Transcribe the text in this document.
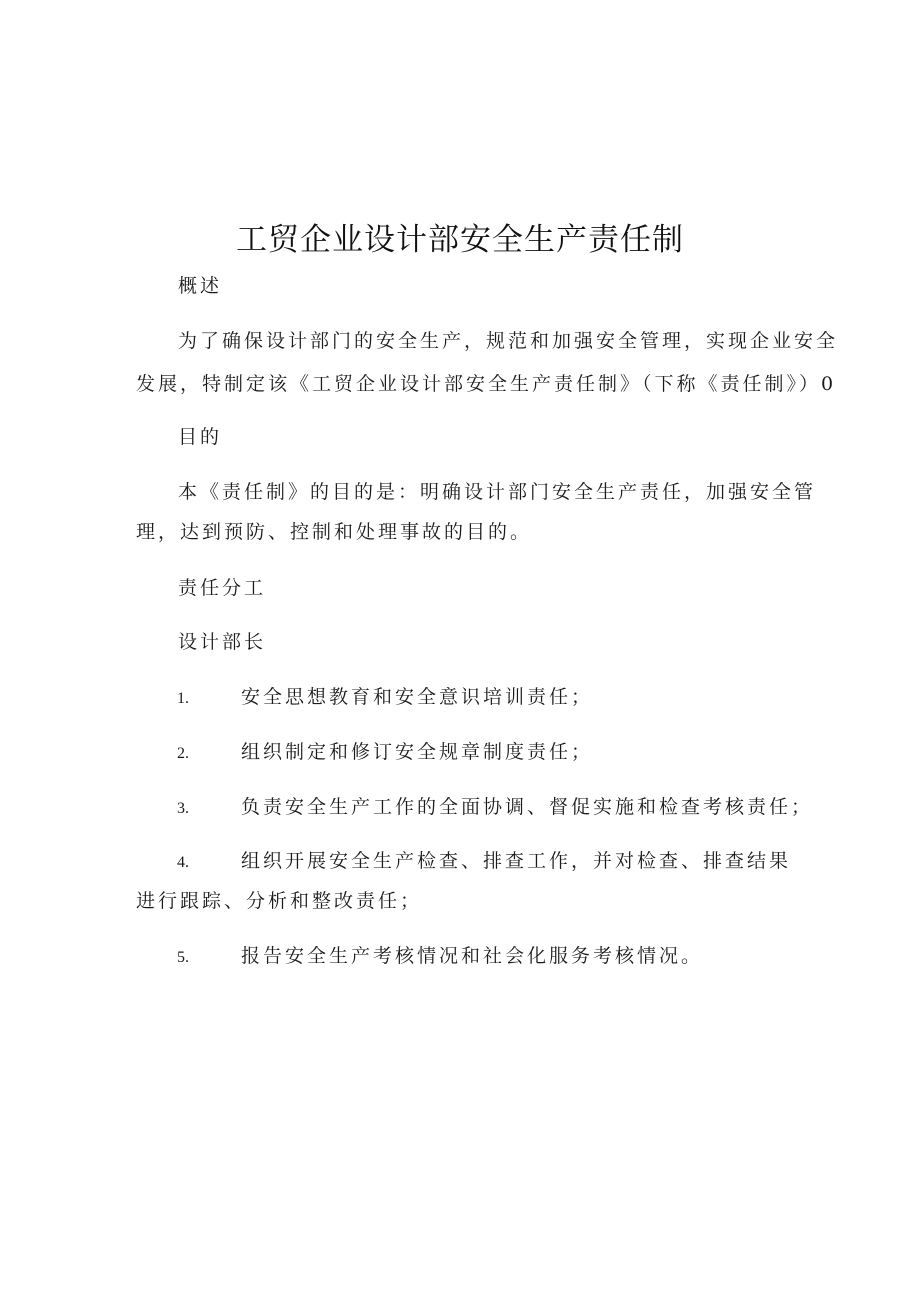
工贸企业设计部安全生产责任制
概述
为了确保设计部门的安全生产，规范和加强安全管理，实现企业安全
发展，特制定该《工贸企业设计部安全生产责任制》（下称《责任制》）0
目的
本《责任制》的目的是：明确设计部门安全生产责任，加强安全管
理，达到预防、控制和处理事故的目的。
责任分工
设计部长
1.	安全思想教育和安全意识培训责任；
2.	组织制定和修订安全规章制度责任；
3.	负责安全生产工作的全面协调、督促实施和检查考核责任；
4.	组织开展安全生产检查、排查工作，并对检查、排查结果
进行跟踪、分析和整改责任；
5.	报告安全生产考核情况和社会化服务考核情况。
